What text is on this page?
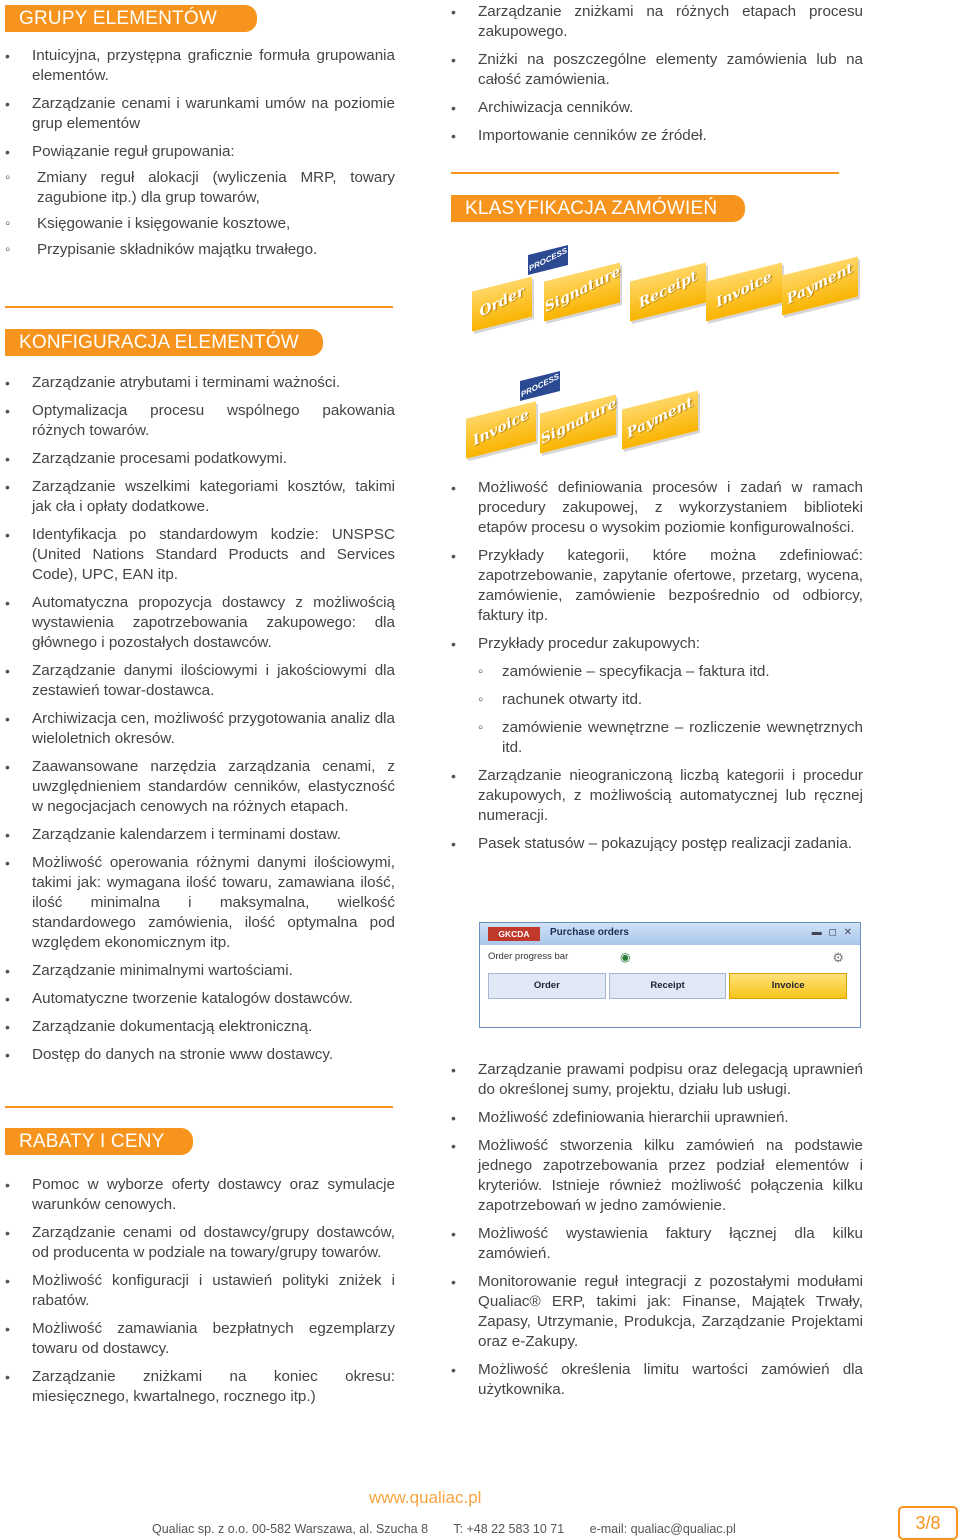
GRUPY ELEMENTÓW
• Intuicyjna, przystępna graficznie formuła grupowania elementów.
• Zarządzanie cenami i warunkami umów na poziomie grup elementów
• Powiązanie reguł grupowania:
◦ Zmiany reguł alokacji (wyliczenia MRP, towary zagubione itp.) dla grup towarów,
◦ Księgowanie i księgowanie kosztowe,
◦ Przypisanie składników majątku trwałego.
KONFIGURACJA ELEMENTÓW
• Zarządzanie atrybutami i terminami ważności.
• Optymalizacja procesu wspólnego pakowania różnych towarów.
• Zarządzanie procesami podatkowymi.
• Zarządzanie wszelkimi kategoriami kosztów, takimi jak cła i opłaty dodatkowe.
• Identyfikacja po standardowym kodzie: UNSPSC (United Nations Standard Products and Services Code), UPC, EAN itp.
• Automatyczna propozycja dostawcy z możliwością wystawienia zapotrzebowania zakupowego: dla głównego i pozostałych dostawców.
• Zarządzanie danymi ilościowymi i jakościowymi dla zestawień towar-dostawca.
• Archiwizacja cen, możliwość przygotowania analiz dla wieloletnich okresów.
• Zaawansowane narzędzia zarządzania cenami, z uwzględnieniem standardów cenników, elastyczność w negocjacjach cenowych na różnych etapach.
• Zarządzanie kalendarzem i terminami dostaw.
• Możliwość operowania różnymi danymi ilościowymi, takimi jak: wymagana ilość towaru, zamawiana ilość, ilość minimalna i maksymalna, wielkość standardowego zamówienia, ilość optymalna pod względem ekonomicznym itp.
• Zarządzanie minimalnymi wartościami.
• Automatyczne tworzenie katalogów dostawców.
• Zarządzanie dokumentacją elektroniczną.
• Dostęp do danych na stronie www dostawcy.
RABATY I CENY
• Pomoc w wyborze oferty dostawcy oraz symulacje warunków cenowych.
• Zarządzanie cenami od dostawcy/grupy dostawców, od producenta w podziale na towary/grupy towarów.
• Możliwość konfiguracji i ustawień polityki zniżek i rabatów.
• Możliwość zamawiania bezpłatnych egzemplarzy towaru od dostawcy.
• Zarządzanie zniżkami na koniec okresu: miesięcznego, kwartalnego, rocznego itp.)
• Zarządzanie zniżkami na różnych etapach procesu zakupowego.
• Zniżki na poszczególne elementy zamówienia lub na całość zamówienia.
• Archiwizacja cenników.
• Importowanie cenników ze źródeł.
KLASYFIKACJA ZAMÓWIEŃ
PROCESS
Order	Signature	Receipt	Invoice Payment
PROCESS
Invoice Signature Payment
• Możliwość definiowania procesów i zadań w ramach procedury zakupowej, z wykorzystaniem biblioteki etapów procesu o wysokim poziomie konfigurowalności.
• Przykłady kategorii, które można zdefiniować: zapotrzebowanie, zapytanie ofertowe, przetarg, wycena, zamówienie, zamówienie bezpośrednio od odbiorcy, faktury itp.
• Przykłady procedur zakupowych:
◦ zamówienie – specyfikacja – faktura itd.
◦ rachunek otwarty itd.
◦ zamówienie wewnętrzne – rozliczenie wewnętrznych itd.
• Zarządzanie nieograniczoną liczbą kategorii i procedur zakupowych, z możliwością automatycznej lub ręcznej numeracji.
• Pasek statusów – pokazujący postęp realizacji zadania.
GKCDA	Purchase orders	▬ ◻ ✕
Order progress bar	◉	⚙
Order	Receipt	Invoice
• Zarządzanie prawami podpisu oraz delegacją uprawnień do określonej sumy, projektu, działu lub usługi.
• Możliwość zdefiniowania hierarchii uprawnień.
• Możliwość stworzenia kilku zamówień na podstawie jednego zapotrzebowania przez podział elementów i kryteriów. Istnieje również możliwość połączenia kilku zapotrzebowań w jedno zamówienie.
• Możliwość wystawienia faktury łącznej dla kilku zamówień.
• Monitorowanie reguł integracji z pozostałymi modułami Qualiac® ERP, takimi jak: Finanse, Majątek Trwały, Zapasy, Utrzymanie, Produkcja, Zarządzanie Projektami oraz e-Zakupy.
• Możliwość określenia limitu wartości zamówień dla użytkownika.
www.qualiac.pl
Qualiac sp. z o.o. 00-582 Warszawa, al. Szucha 8 T: +48 22 583 10 71 e-mail: qualiac@qualiac.pl	3/8
